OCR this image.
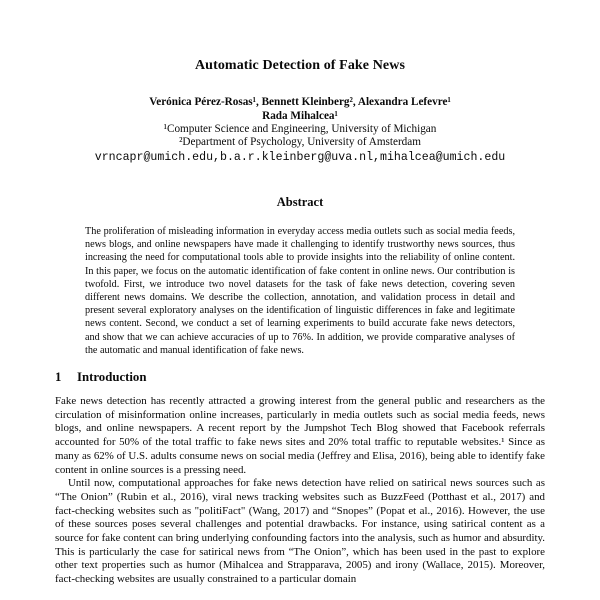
Automatic Detection of Fake News
Verónica Pérez-Rosas¹, Bennett Kleinberg², Alexandra Lefevre¹
Rada Mihalcea¹
¹Computer Science and Engineering, University of Michigan
²Department of Psychology, University of Amsterdam
vrncapr@umich.edu,b.a.r.kleinberg@uva.nl,mihalcea@umich.edu
Abstract

The proliferation of misleading information in everyday access media outlets such as social media feeds, news blogs, and online newspapers have made it challenging to identify trustworthy news sources, thus increasing the need for computational tools able to provide insights into the reliability of online content. In this paper, we focus on the automatic identification of fake content in online news. Our contribution is twofold. First, we introduce two novel datasets for the task of fake news detection, covering seven different news domains. We describe the collection, annotation, and validation process in detail and present several exploratory analyses on the identification of linguistic differences in fake and legitimate news content. Second, we conduct a set of learning experiments to build accurate fake news detectors, and show that we can achieve accuracies of up to 76%. In addition, we provide comparative analyses of the automatic and manual identification of fake news.

1 Introduction

Fake news detection has recently attracted a growing interest from the general public and researchers as the circulation of misinformation online increases, particularly in media outlets such as social media feeds, news blogs, and online newspapers. A recent report by the Jumpshot Tech Blog showed that Facebook referrals accounted for 50% of the total traffic to fake news sites and 20% total traffic to reputable websites.¹ Since as many as 62% of U.S. adults consume news on social media (Jeffrey and Elisa, 2016), being able to identify fake content in online sources is a pressing need.

Until now, computational approaches for fake news detection have relied on satirical news sources such as “The Onion” (Rubin et al., 2016), viral news tracking websites such as BuzzFeed (Potthast et al., 2017) and fact-checking websites such as "politiFact" (Wang, 2017) and “Snopes” (Popat et al., 2016). However, the use of these sources poses several challenges and potential drawbacks. For instance, using satirical content as a source for fake content can bring underlying confounding factors into the analysis, such as humor and absurdity. This is particularly the case for satirical news from “The Onion”, which has been used in the past to explore other text properties such as humor (Mihalcea and Strapparava, 2005) and irony (Wallace, 2015). Moreover, fact-checking websites are usually constrained to a particular domain
